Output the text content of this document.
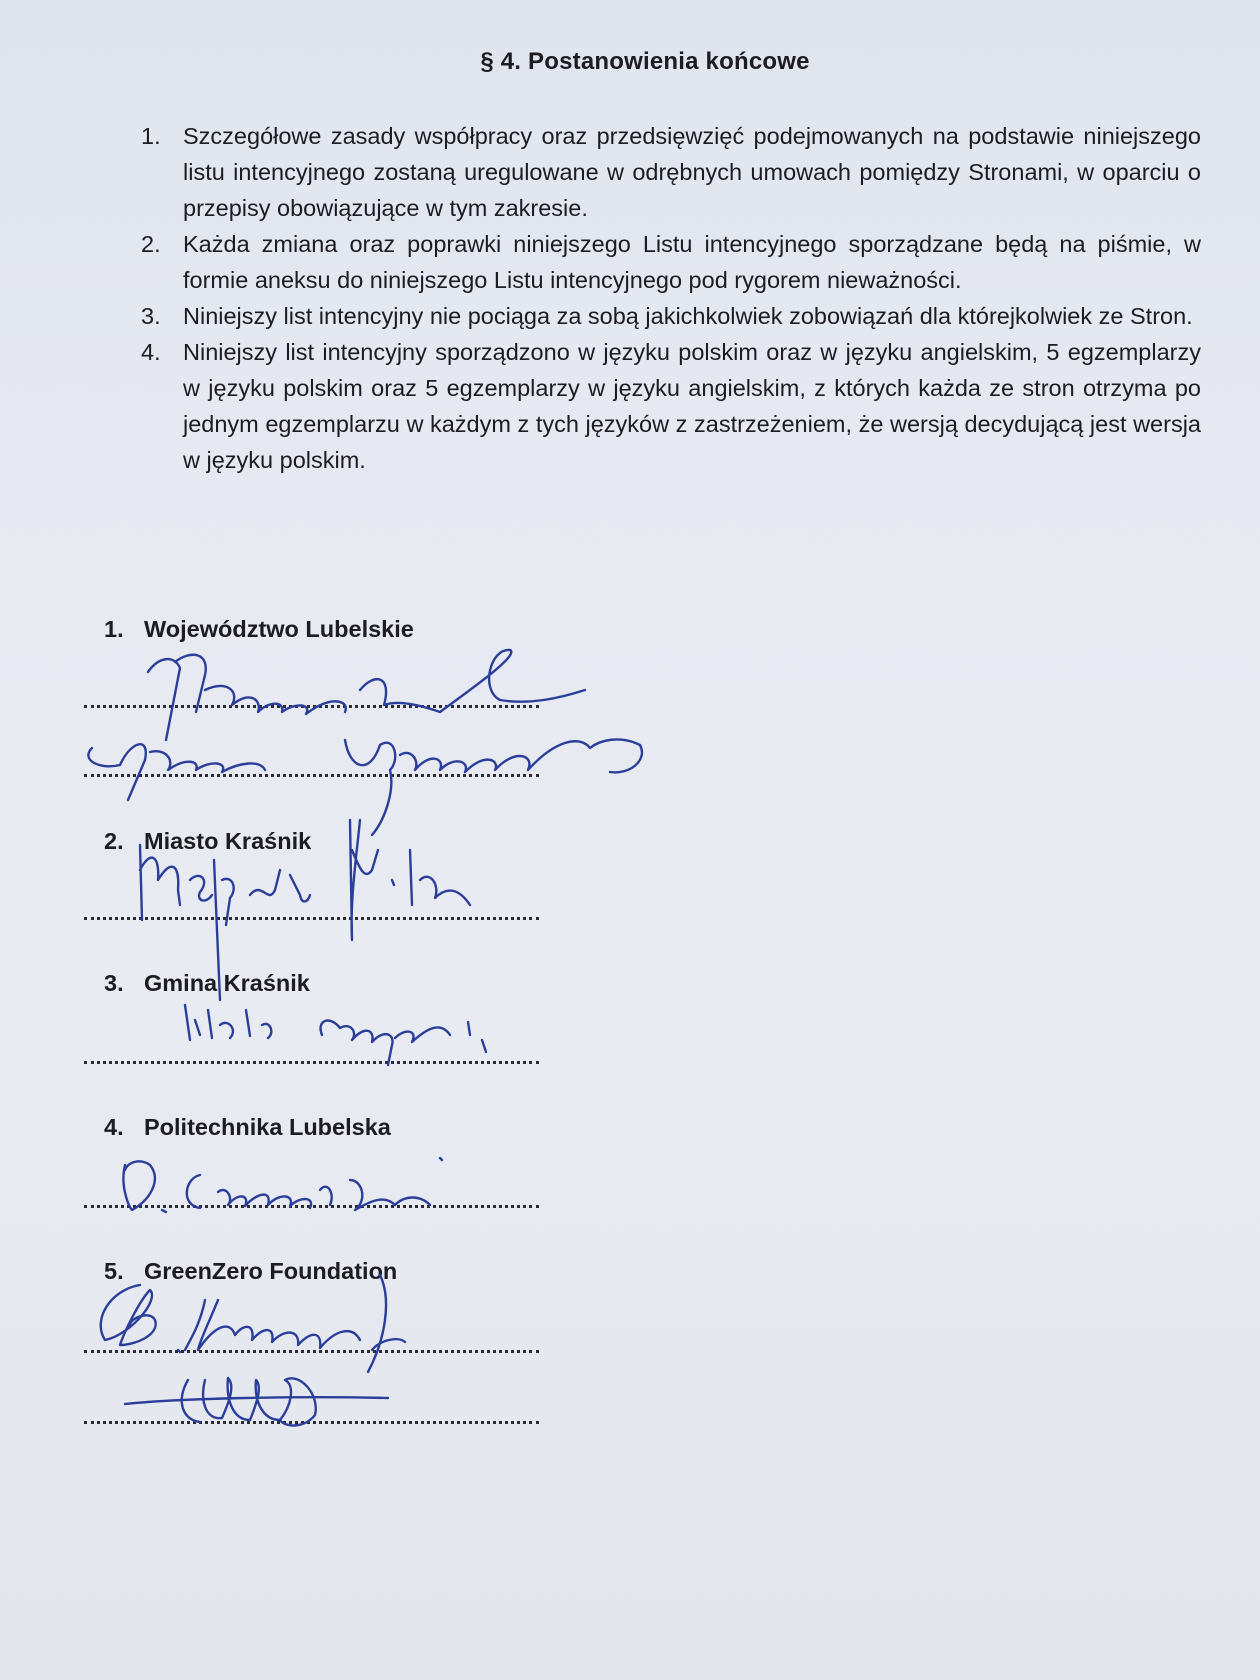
§ 4. Postanowienia końcowe
1. Szczegółowe zasady współpracy oraz przedsięwzięć podejmowanych na podstawie niniejszego listu intencyjnego zostaną uregulowane w odrębnych umowach pomiędzy Stronami, w oparciu o przepisy obowiązujące w tym zakresie.
2. Każda zmiana oraz poprawki niniejszego Listu intencyjnego sporządzane będą na piśmie, w formie aneksu do niniejszego Listu intencyjnego pod rygorem nieważności.
3. Niniejszy list intencyjny nie pociąga za sobą jakichkolwiek zobowiązań dla którejkolwiek ze Stron.
4. Niniejszy list intencyjny sporządzono w języku polskim oraz w języku angielskim, 5 egzemplarzy w języku polskim oraz 5 egzemplarzy w języku angielskim, z których każda ze stron otrzyma po jednym egzemplarzu w każdym z tych języków z zastrzeżeniem, że wersją decydującą jest wersja w języku polskim.
1. Województwo Lubelskie
2. Miasto Kraśnik
3. Gmina Kraśnik
4. Politechnika Lubelska
5. GreenZero Foundation
